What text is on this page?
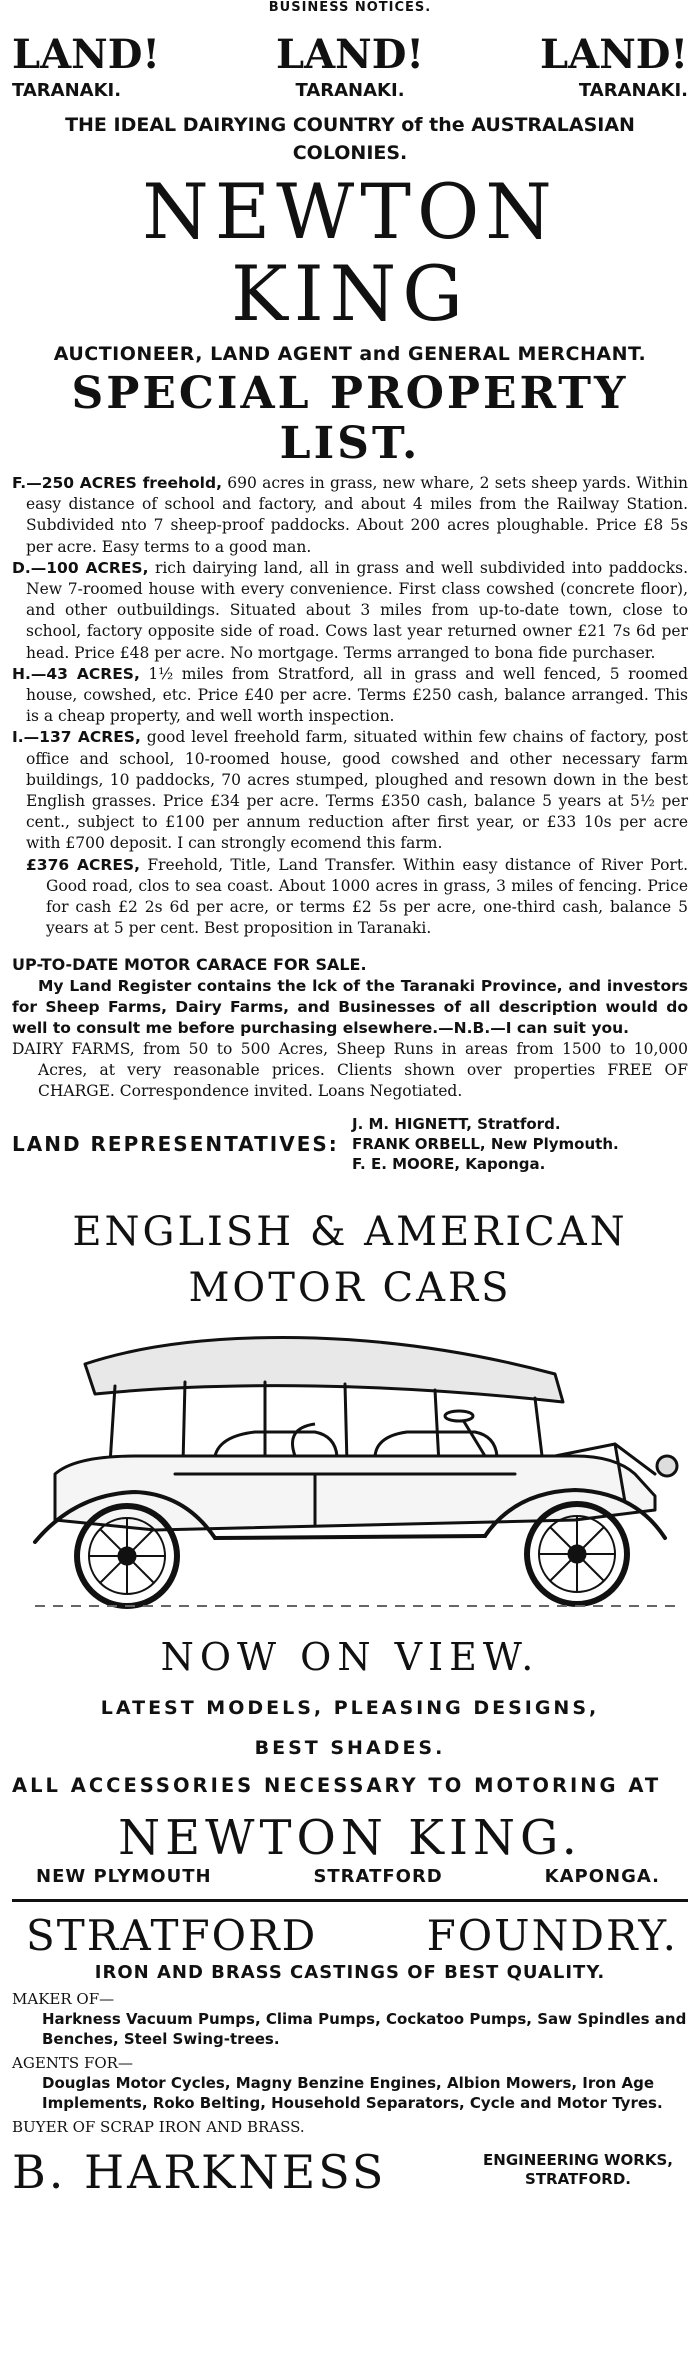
BUSINESS NOTICES.
LAND!
TARANAKI.
LAND!
TARANAKI.
LAND!
TARANAKI.
THE IDEAL DAIRYING COUNTRY of the AUSTRALASIAN COLONIES.
NEWTON KING
AUCTIONEER, LAND AGENT and GENERAL MERCHANT.
SPECIAL PROPERTY LIST.

F.—250 ACRES freehold, 690 acres in grass, new whare, 2 sets sheep yards. Within easy distance of school and factory, and about 4 miles from the Railway Station. Subdivided nto 7 sheep-proof paddocks. About 200 acres ploughable. Price £8 5s per acre. Easy terms to a good man.

D.—100 ACRES, rich dairying land, all in grass and well subdivided into paddocks. New 7-roomed house with every convenience. First class cowshed (concrete floor), and other outbuildings. Situated about 3 miles from up-to-date town, close to school, factory opposite side of road. Cows last year returned owner £21 7s 6d per head. Price £48 per acre. No mortgage. Terms arranged to bona fide purchaser.

H.—43 ACRES, 1½ miles from Stratford, all in grass and well fenced, 5 roomed house, cowshed, etc. Price £40 per acre. Terms £250 cash, balance arranged. This is a cheap property, and well worth inspection.

I.—137 ACRES, good level freehold farm, situated within few chains of factory, post office and school, 10-roomed house, good cowshed and other necessary farm buildings, 10 paddocks, 70 acres stumped, ploughed and resown down in the best English grasses. Price £34 per acre. Terms £350 cash, balance 5 years at 5½ per cent., subject to £100 per annum reduction after first year, or £33 10s per acre with £700 deposit. I can strongly ecomend this farm.

£376 ACRES, Freehold, Title, Land Transfer. Within easy distance of River Port. Good road, clos to sea coast. About 1000 acres in grass, 3 miles of fencing. Price for cash £2 2s 6d per acre, or terms £2 5s per acre, one-third cash, balance 5 years at 5 per cent. Best proposition in Taranaki.

UP-TO-DATE MOTOR CARACE FOR SALE.

My Land Register contains the lck of the Taranaki Province, and investors for Sheep Farms, Dairy Farms, and Businesses of all description would do well to consult me before purchasing elsewhere.—N.B.—I can suit you.

DAIRY FARMS, from 50 to 500 Acres, Sheep Runs in areas from 1500 to 10,000 Acres, at very reasonable prices. Clients shown over properties FREE OF CHARGE. Correspondence invited. Loans Negotiated.

LAND REPRESENTATIVES:
J. M. HIGNETT, Stratford.
FRANK ORBELL, New Plymouth.
F. E. MOORE, Kaponga.
ENGLISH & AMERICAN
MOTOR CARS
NOW ON VIEW.
LATEST MODELS, PLEASING DESIGNS,
BEST SHADES.
ALL ACCESSORIES NECESSARY TO MOTORING AT
NEWTON KING.
NEW PLYMOUTH	STRATFORD	KAPONGA.
STRATFORD	FOUNDRY.
IRON AND BRASS CASTINGS OF BEST QUALITY.
MAKER OF—
Harkness Vacuum Pumps, Clima Pumps, Cockatoo Pumps, Saw Spindles and Benches, Steel Swing-trees.
AGENTS FOR—
Douglas Motor Cycles, Magny Benzine Engines, Albion Mowers, Iron Age Implements, Roko Belting, Household Separators, Cycle and Motor Tyres.
BUYER OF SCRAP IRON AND BRASS.
B. HARKNESS	ENGINEERING WORKS,
STRATFORD.
